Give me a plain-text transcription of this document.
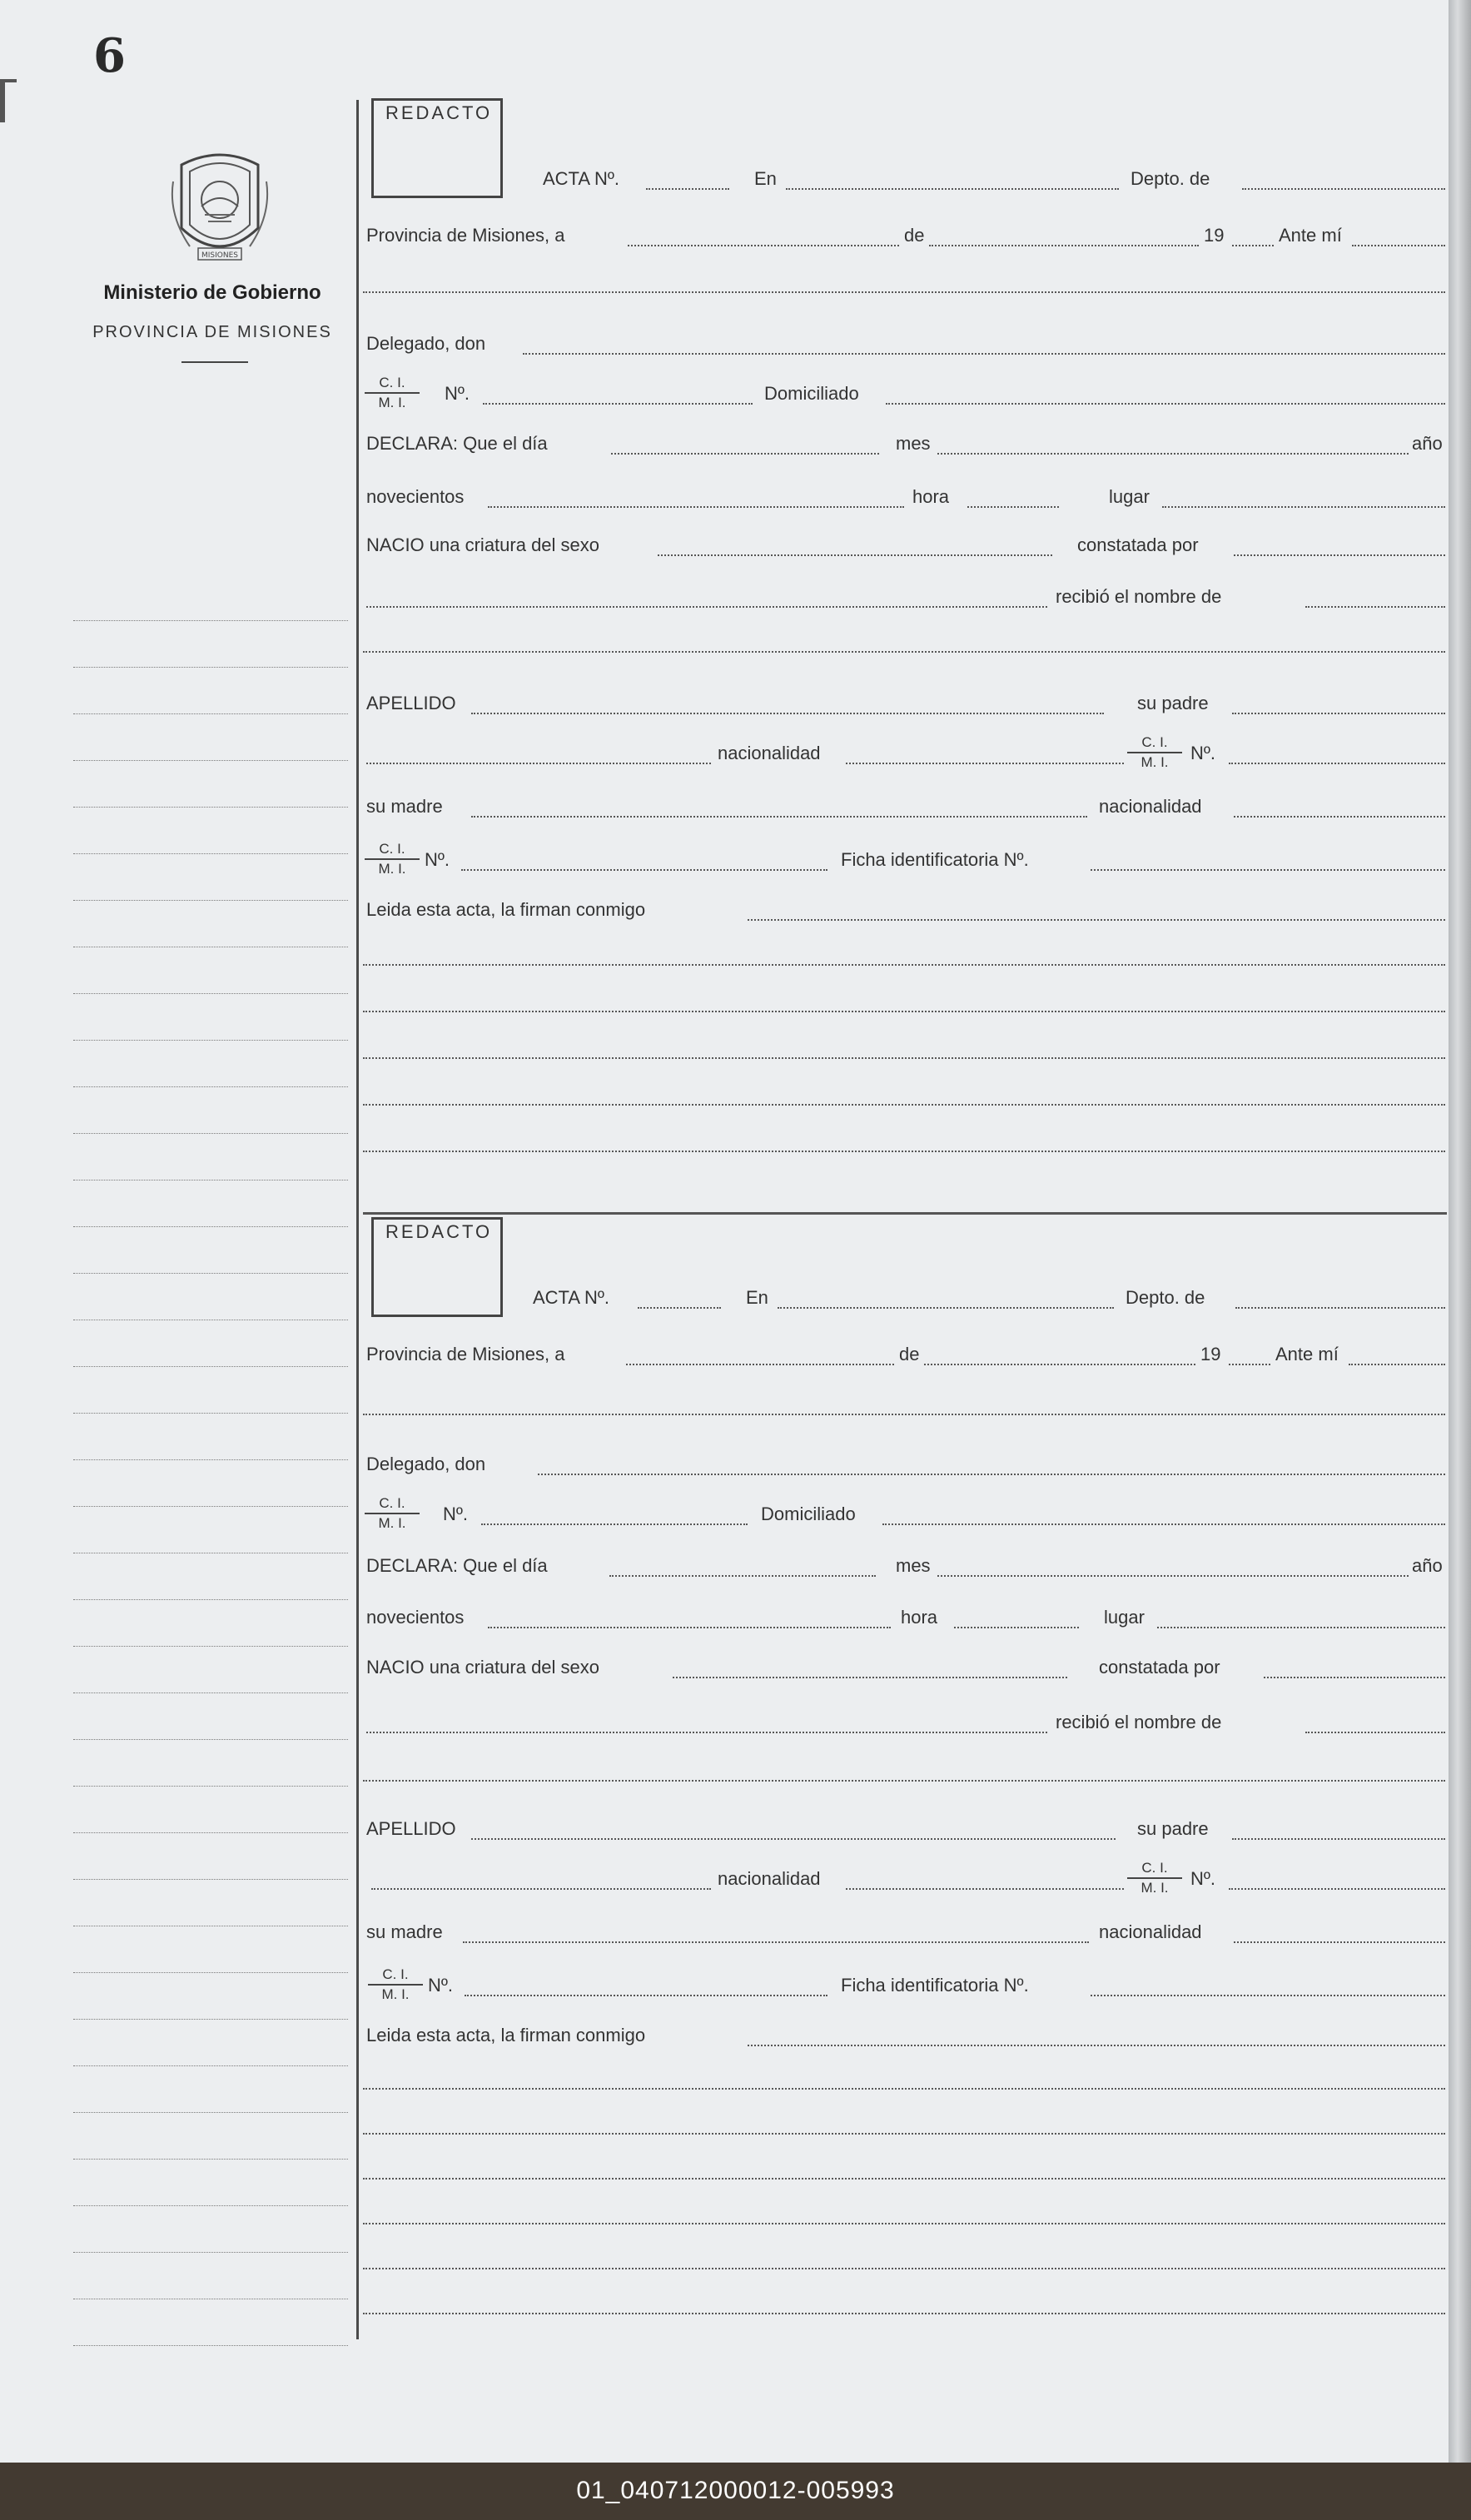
6
MISIONES
Ministerio de Gobierno
PROVINCIA DE MISIONES
REDACTO
ACTA Nº.	En	Depto. de
Provincia de Misiones, a	de	19	Ante mí
Delegado, don
$\frac{C. I.}{M. I.}$ Nº.	Domiciliado
DECLARA: Que el día	mes	año
novecientos	hora	lugar
NACIO una criatura del sexo	constatada por
recibió el nombre de
APELLIDO	su padre
nacionalidad	$\frac{C. I.}{M. I.}$ Nº.
su madre	nacionalidad
$\frac{C. I.}{M. I.}$ Nº.	Ficha identificatoria Nº.
Leida esta acta, la firman conmigo
REDACTO
ACTA Nº.	En	Depto. de
Provincia de Misiones, a	de	19	Ante mí
Delegado, don
$\frac{C. I.}{M. I.}$ Nº.	Domiciliado
DECLARA: Que el día	mes	año
novecientos	hora	lugar
NACIO una criatura del sexo	constatada por
recibió el nombre de
APELLIDO	su padre
nacionalidad	$\frac{C. I.}{M. I.}$ Nº.
su madre	nacionalidad
$\frac{C. I.}{M. I.}$ Nº.	Ficha identificatoria Nº.
Leida esta acta, la firman conmigo
01_040712000012-005993
